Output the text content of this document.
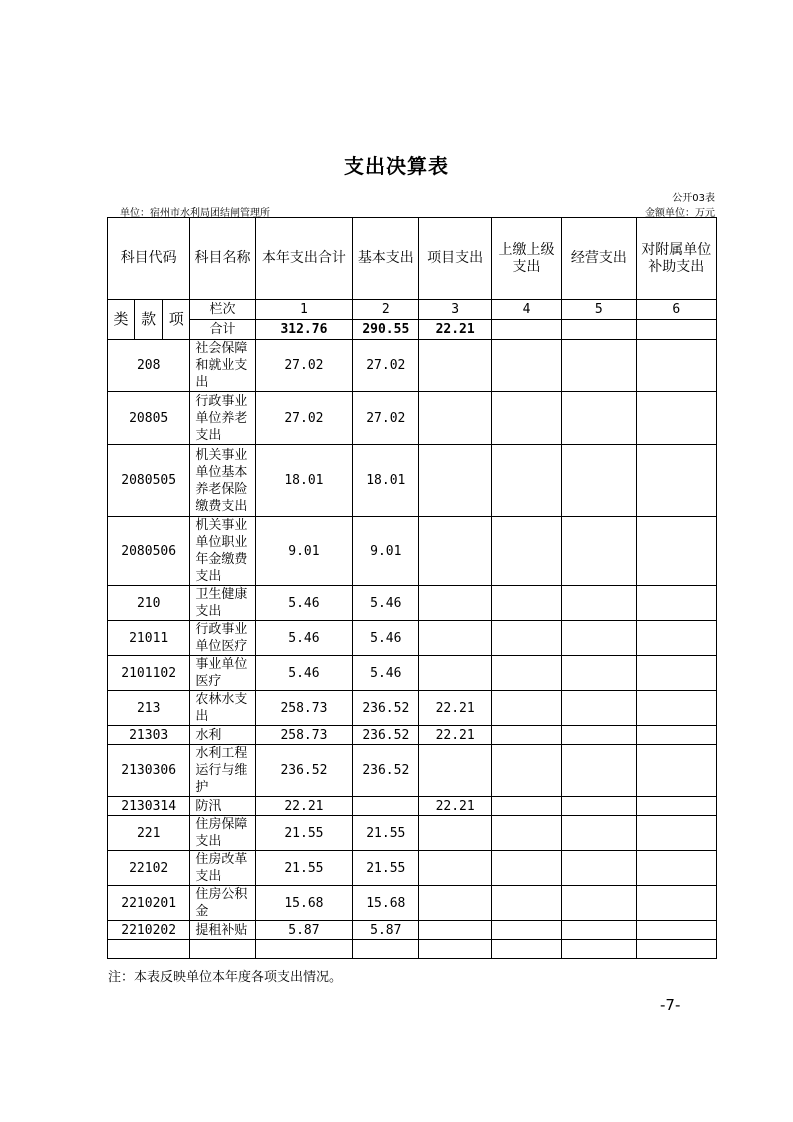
支出决算表
公开03表
单位：宿州市水利局团结闸管理所	金额单位：万元
科目代码			科目名称	本年支出合计	基本支出	项目支出	上缴上级支出	经营支出	对附属单位补助支出
类	款	项	栏次	1	2	3	4	5	6
			合计	312.76	290.55	22.21			
208			社会保障和就业支出	27.02	27.02				
20805			行政事业单位养老支出	27.02	27.02				
2080505			机关事业单位基本养老保险缴费支出	18.01	18.01				
2080506			机关事业单位职业年金缴费支出	9.01	9.01				
210			卫生健康支出	5.46	5.46				
21011			行政事业单位医疗	5.46	5.46				
2101102			事业单位医疗	5.46	5.46				
213			农林水支出	258.73	236.52	22.21			
21303			水利	258.73	236.52	22.21			
2130306			水利工程运行与维护	236.52	236.52				
2130314			防汛	22.21		22.21			
221			住房保障支出	21.55	21.55				
22102			住房改革支出	21.55	21.55				
2210201			住房公积金	15.68	15.68				
2210202			提租补贴	5.87	5.87				

注：本表反映单位本年度各项支出情况。
-7-
